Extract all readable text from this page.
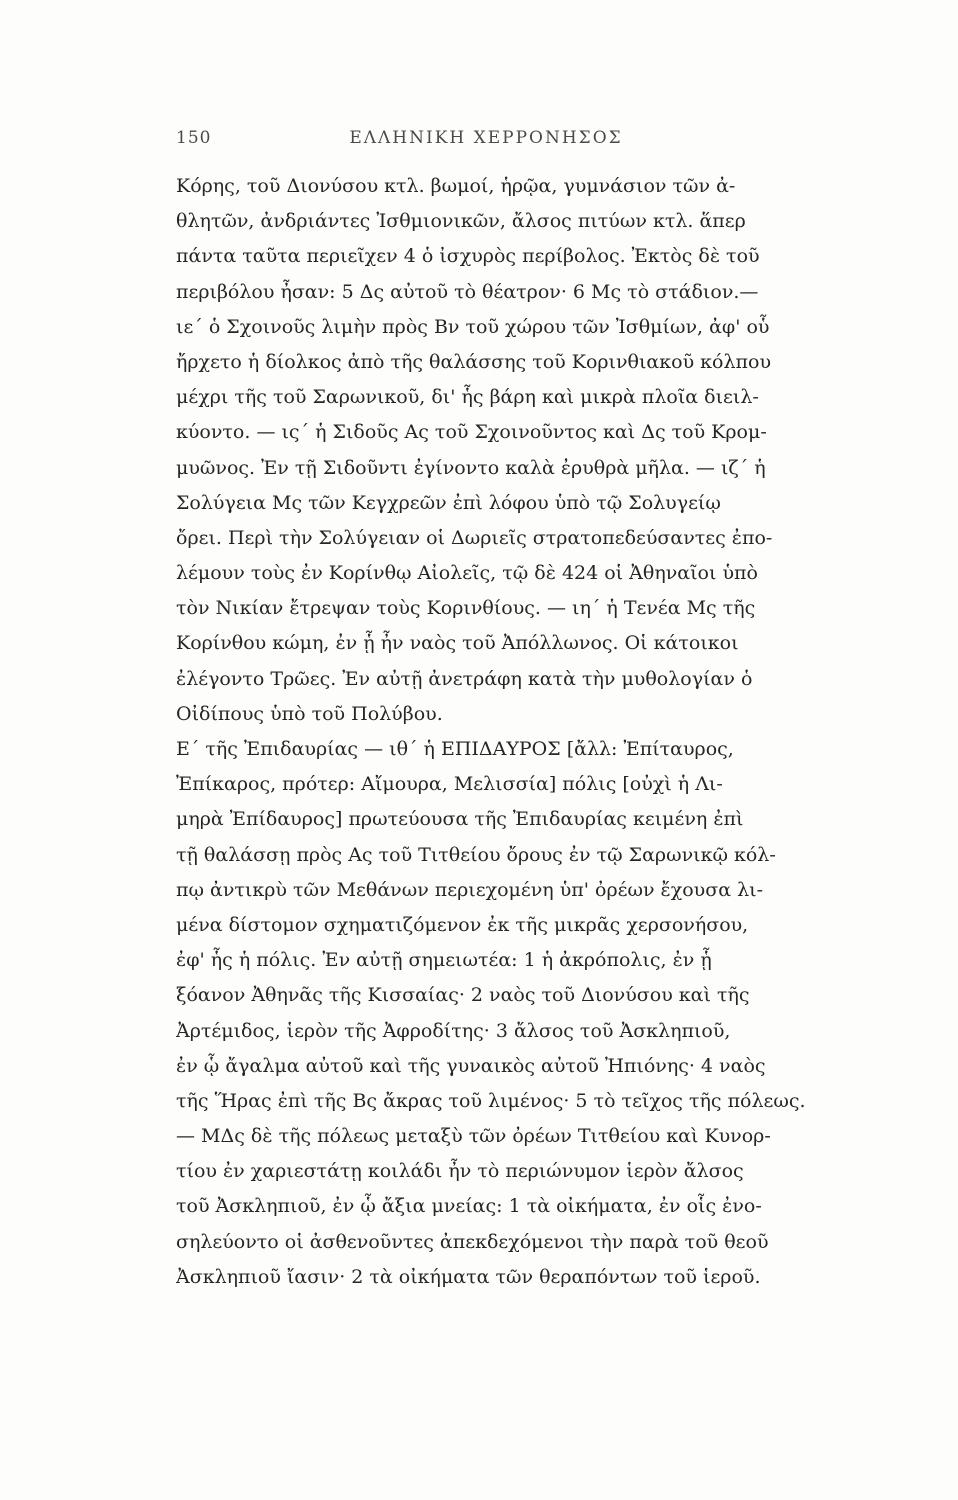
150	ΕΛΛΗΝΙΚΗ ΧΕΡΡΟΝΗΣΟΣ
Κόρης, τοῦ Διονύσου κτλ. βωμοί, ἡρῷα, γυμνάσιον τῶν ἀ-
θλητῶν, ἀνδριάντες Ἰσθμιονικῶν, ἄλσος πιτύων κτλ. ἅπερ
πάντα ταῦτα περιεῖχεν 4 ὁ ἰσχυρὸς περίβολος. Ἐκτὸς δὲ τοῦ
περιβόλου ἦσαν: 5 Δς αὐτοῦ τὸ θέατρον· 6 Μς τὸ στάδιον.—
ιε΄ ὁ Σχοινοῦς λιμὴν πρὸς Βν τοῦ χώρου τῶν Ἰσθμίων, ἀφ' οὗ
ἤρχετο ἡ δίολκος ἀπὸ τῆς θαλάσσης τοῦ Κορινθιακοῦ κόλπου
μέχρι τῆς τοῦ Σαρωνικοῦ, δι' ἧς βάρη καὶ μικρὰ πλοῖα διειλ-
κύοντο. — ις΄ ἡ Σιδοῦς Ας τοῦ Σχοινοῦντος καὶ Δς τοῦ Κρομ-
μυῶνος. Ἐν τῇ Σιδοῦντι ἐγίνοντο καλὰ ἐρυθρὰ μῆλα. — ιζ΄ ἡ
Σολύγεια Μς τῶν Κεγχρεῶν ἐπὶ λόφου ὑπὸ τῷ Σολυγείῳ
ὄρει. Περὶ τὴν Σολύγειαν οἱ Δωριεῖς στρατοπεδεύσαντες ἐπο-
λέμουν τοὺς ἐν Κορίνθῳ Αἰολεῖς, τῷ δὲ 424 οἱ Ἀθηναῖοι ὑπὸ
τὸν Νικίαν ἔτρεψαν τοὺς Κορινθίους. — ιη΄ ἡ Τενέα Μς τῆς
Κορίνθου κώμη, ἐν ᾗ ἦν ναὸς τοῦ Ἀπόλλωνος. Οἱ κάτοικοι
ἐλέγοντο Τρῶες. Ἐν αὐτῇ ἀνετράφη κατὰ τὴν μυθολογίαν ὁ
Οἰδίπους ὑπὸ τοῦ Πολύβου.
Ε΄ τῆς Ἐπιδαυρίας — ιθ΄ ἡ ΕΠΙΔΑΥΡΟΣ [ἄλλ: Ἐπίταυρος,
Ἐπίκαρος, πρότερ: Αἴμουρα, Μελισσία] πόλις [οὐχὶ ἡ Λι-
μηρὰ Ἐπίδαυρος] πρωτεύουσα τῆς Ἐπιδαυρίας κειμένη ἐπὶ
τῇ θαλάσσῃ πρὸς Ας τοῦ Τιτθείου ὄρους ἐν τῷ Σαρωνικῷ κόλ-
πῳ ἀντικρὺ τῶν Μεθάνων περιεχομένη ὑπ' ὀρέων ἔχουσα λι-
μένα δίστομον σχηματιζόμενον ἐκ τῆς μικρᾶς χερσονήσου,
ἐφ' ἧς ἡ πόλις. Ἐν αὐτῇ σημειωτέα: 1 ἡ ἀκρόπολις, ἐν ᾗ
ξόανον Ἀθηνᾶς τῆς Κισσαίας· 2 ναὸς τοῦ Διονύσου καὶ τῆς
Ἀρτέμιδος, ἱερὸν τῆς Ἀφροδίτης· 3 ἄλσος τοῦ Ἀσκληπιοῦ,
ἐν ᾧ ἄγαλμα αὐτοῦ καὶ τῆς γυναικὸς αὐτοῦ Ἠπιόνης· 4 ναὸς
τῆς Ἥρας ἐπὶ τῆς Βς ἄκρας τοῦ λιμένος· 5 τὸ τεῖχος τῆς πόλεως.
— ΜΔς δὲ τῆς πόλεως μεταξὺ τῶν ὀρέων Τιτθείου καὶ Κυνορ-
τίου ἐν χαριεστάτῃ κοιλάδι ἦν τὸ περιώνυμον ἱερὸν ἄλσος
τοῦ Ἀσκληπιοῦ, ἐν ᾧ ἄξια μνείας: 1 τὰ οἰκήματα, ἐν οἷς ἐνο-
σηλεύοντο οἱ ἀσθενοῦντες ἀπεκδεχόμενοι τὴν παρὰ τοῦ θεοῦ
Ἀσκληπιοῦ ἴασιν· 2 τὰ οἰκήματα τῶν θεραπόντων τοῦ ἱεροῦ.
